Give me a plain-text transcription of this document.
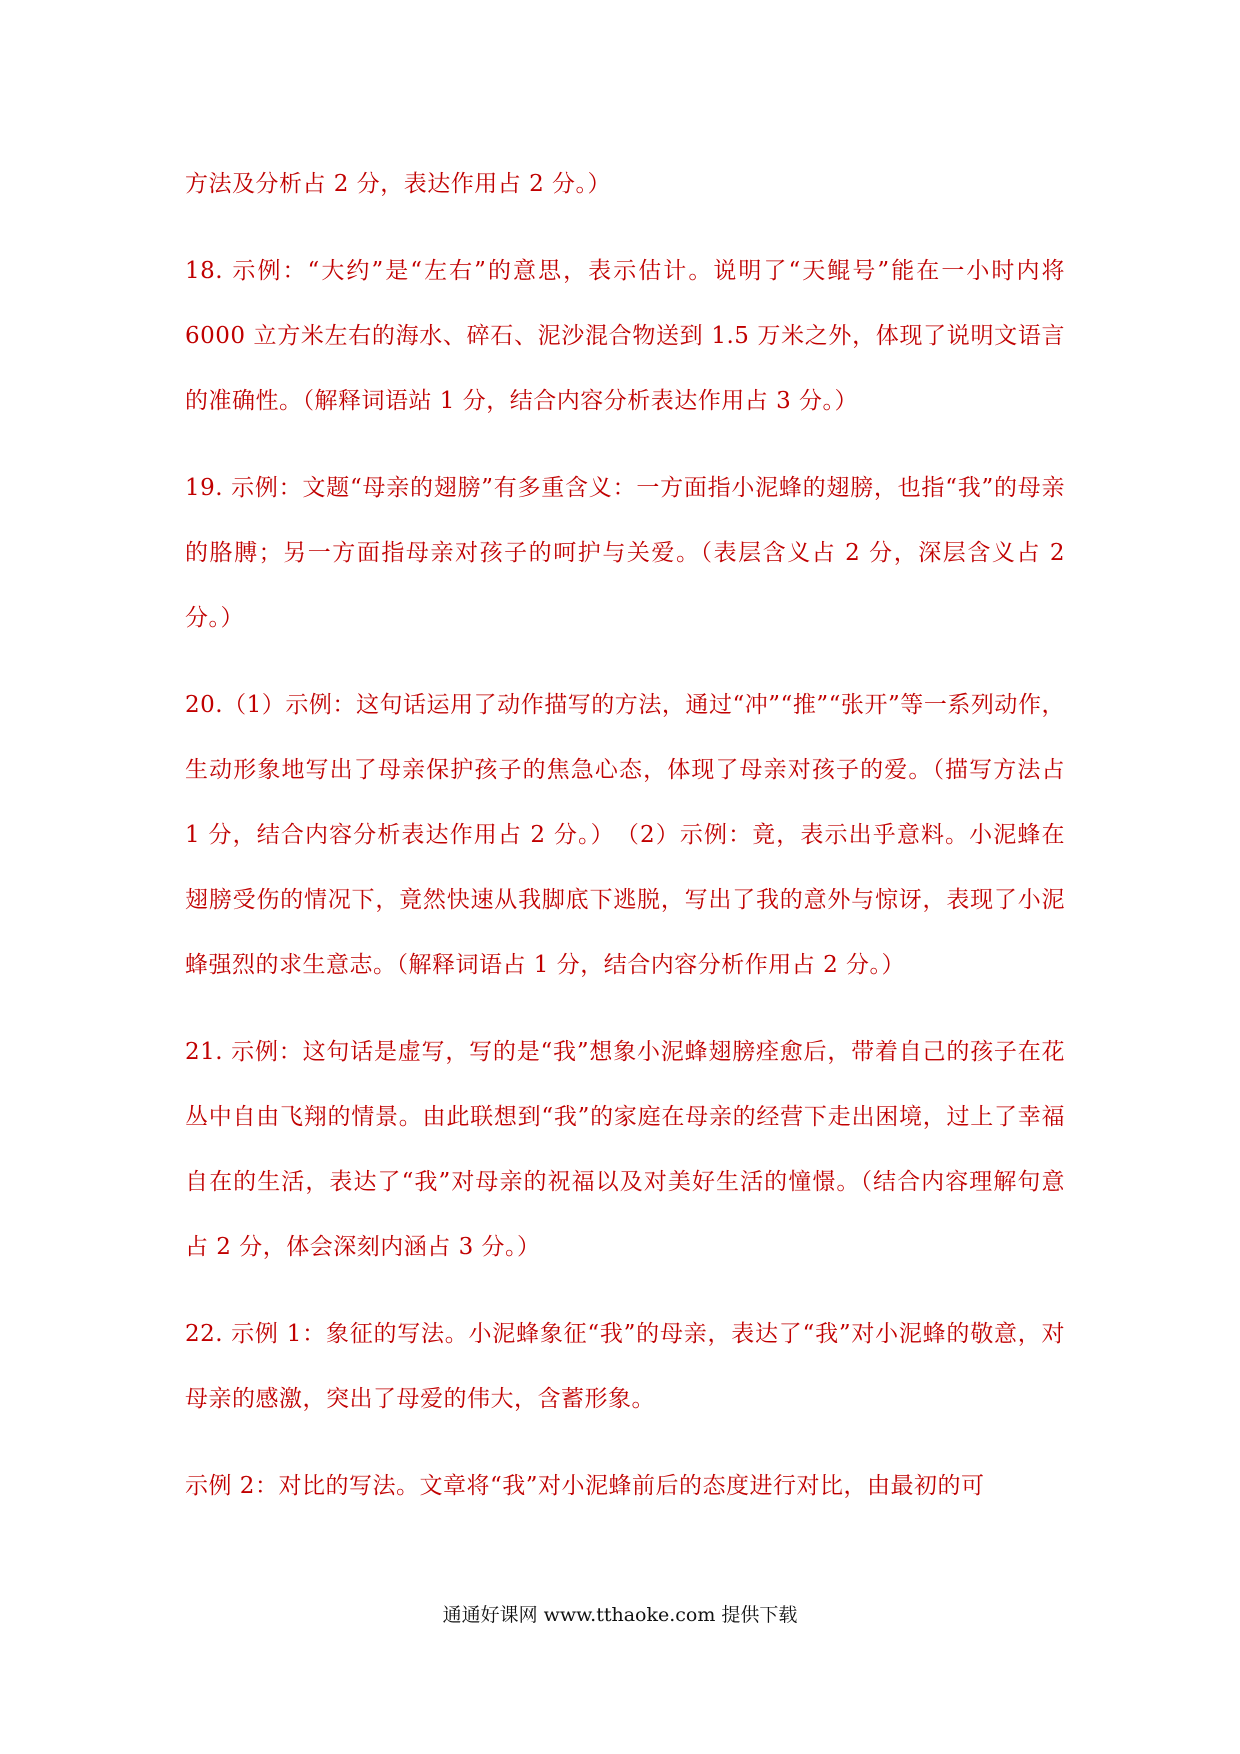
方法及分析占 2 分，表达作用占 2 分。）

18. 示例：“大约”是“左右”的意思，表示估计。说明了“天鲲号”能在一小时内将 6000 立方米左右的海水、碎石、泥沙混合物送到 1.5 万米之外，体现了说明文语言的准确性。（解释词语站 1 分，结合内容分析表达作用占 3 分。）

19. 示例：文题“母亲的翅膀”有多重含义：一方面指小泥蜂的翅膀，也指“我”的母亲的胳膊；另一方面指母亲对孩子的呵护与关爱。（表层含义占 2 分，深层含义占 2 分。）

20.（1）示例：这句话运用了动作描写的方法，通过“冲”“推”“张开”等一系列动作，生动形象地写出了母亲保护孩子的焦急心态，体现了母亲对孩子的爱。（描写方法占 1 分，结合内容分析表达作用占 2 分。）　（2）示例：竟，表示出乎意料。小泥蜂在翅膀受伤的情况下，竟然快速从我脚底下逃脱，写出了我的意外与惊讶，表现了小泥蜂强烈的求生意志。（解释词语占 1 分，结合内容分析作用占 2 分。）

21. 示例：这句话是虚写，写的是“我”想象小泥蜂翅膀痊愈后，带着自己的孩子在花丛中自由飞翔的情景。由此联想到“我”的家庭在母亲的经营下走出困境，过上了幸福自在的生活，表达了“我”对母亲的祝福以及对美好生活的憧憬。（结合内容理解句意占 2 分，体会深刻内涵占 3 分。）

22. 示例 1：象征的写法。小泥蜂象征“我”的母亲，表达了“我”对小泥蜂的敬意，对母亲的感激，突出了母爱的伟大，含蓄形象。

示例 2：对比的写法。文章将“我”对小泥蜂前后的态度进行对比，由最初的可

通通好课网 www.tthaoke.com 提供下载
